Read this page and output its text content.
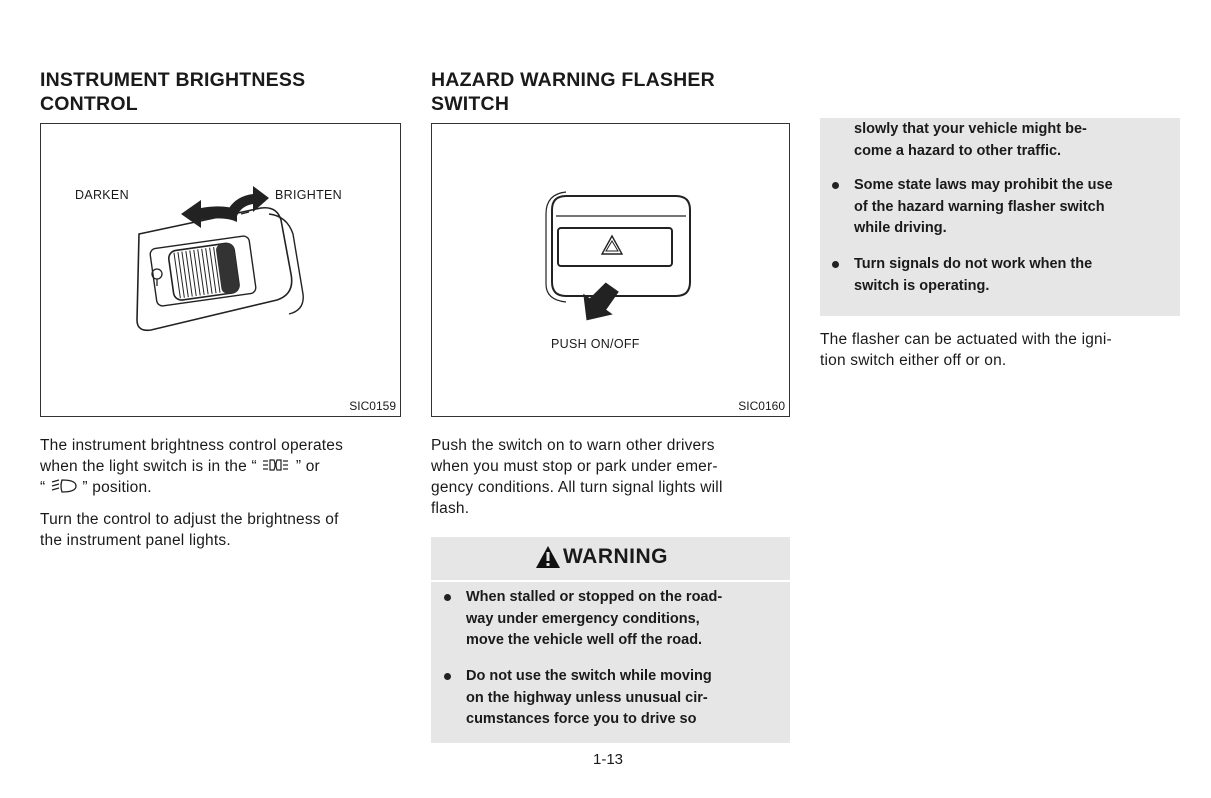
INSTRUMENT BRIGHTNESS
CONTROL
DARKEN	BRIGHTEN
SIC0159

The instrument brightness control operates
when the light switch is in the “	” or
“ ” position.

Turn the control to adjust the brightness of
the instrument panel lights.

HAZARD WARNING FLASHER
SWITCH
PUSH ON/OFF
SIC0160

Push the switch on to warn other drivers
when you must stop or park under emer-
gency conditions. All turn signal lights will
flash.

WARNING
When stalled or stopped on the road-
way under emergency conditions,
move the vehicle well off the road.
Do not use the switch while moving
on the highway unless unusual cir-
cumstances force you to drive so
slowly that your vehicle might be-
come a hazard to other traffic.
Some state laws may prohibit the use
of the hazard warning flasher switch
while driving.
Turn signals do not work when the
switch is operating.

The flasher can be actuated with the igni-
tion switch either off or on.

1-13
